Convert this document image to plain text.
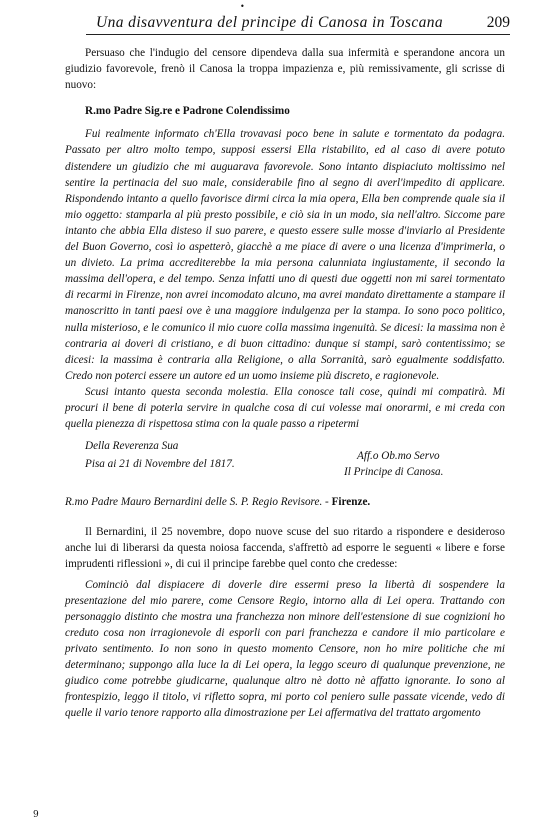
•
Una disavventura del principe di Canosa in Toscana	209

Persuaso che l'indugio del censore dipendeva dalla sua infermità e sperandone ancora un giudizio favorevole, frenò il Canosa la troppa impazienza e, più remissivamente, gli scrisse di nuovo:

R.mo Padre Sig.re e Padrone Colendissimo

Fui realmente informato ch'Ella trovavasi poco bene in salute e tormentato da podagra. Passato per altro molto tempo, supposi essersi Ella ristabilito, ed al caso di avere potuto distendere un giudizio che mi auguarava favorevole. Sono intanto dispiaciuto moltissimo nel sentire la pertinacia del suo male, considerabile fino al segno di averl'impedito di applicare. Rispondendo intanto a quello favorisce dirmi circa la mia opera, Ella ben comprende quale sia il mio oggetto: stamparla al più presto possibile, e ciò sia in un modo, sia nell'altro. Siccome pare intanto che abbia Ella disteso il suo parere, e questo essere sulle mosse d'inviarlo al Presidente del Buon Governo, così io aspetterò, giacchè a me piace di avere o una licenza d'imprimerla, o un divieto. La prima accrediterebbe la mia persona calunniata ingiustamente, il secondo la massima dell'opera, e del tempo. Senza infatti uno di questi due oggetti non mi sarei tormentato di recarmi in Firenze, non avrei incomodato alcuno, ma avrei mandato direttamente a stampare il manoscritto in tanti paesi ove è una maggiore indulgenza per la stampa. Io sono poco politico, nulla misterioso, e le comunico il mio cuore colla massima ingenuità. Se dicesi: la massima non è contraria ai doveri di cristiano, e di buon cittadino: dunque si stampi, sarò contentissimo; se dicesi: la massima è contraria alla Religione, o alla Sorranità, sarò egualmente soddisfatto. Credo non poterci essere un autore ed un uomo insieme più discreto, e ragionevole.

Scusi intanto questa seconda molestia. Ella conosce tali cose, quindi mi compatirà. Mi procuri il bene di poterla servire in qualche cosa di cui volesse mai onorarmi, e mi creda con quella pienezza di rispettosa stima con la quale passo a ripetermi

Della Reverenza Sua
Pisa ai 21 di Novembre del 1817.
Aff.o Ob.mo Servo
Il Principe di Canosa.

R.mo Padre Mauro Bernardini delle S. P. Regio Revisore. - Firenze.

Il Bernardini, il 25 novembre, dopo nuove scuse del suo ritardo a rispondere e desideroso anche lui di liberarsi da questa noiosa faccenda, s'affrettò ad esporre le seguenti « libere e forse imprudenti riflessioni », di cui il principe farebbe quel conto che credesse:

Cominciò dal dispiacere di doverle dire essermi preso la libertà di sospendere la presentazione del mio parere, come Censore Regio, intorno alla di Lei opera. Trattando con personaggio distinto che mostra una franchezza non minore dell'estensione di sue cognizioni ho creduto cosa non irragionevole di esporli con pari franchezza e candore il mio particolare e privato sentimento. Io non sono in questo momento Censore, non ho mire politiche che mi determinano; suppongo alla luce la di Lei opera, la leggo sceuro di qualunque prevenzione, ne giudico come potrebbe giudicarne, qualunque altro nè dotto nè affatto ignorante. Io sono al frontespizio, leggo il titolo, vi rifletto sopra, mi porto col peniero sulle passate vicende, vedo di quelle il vario tenore rapporto alla dimostrazione per Lei affermativa del trattato argomento

9
